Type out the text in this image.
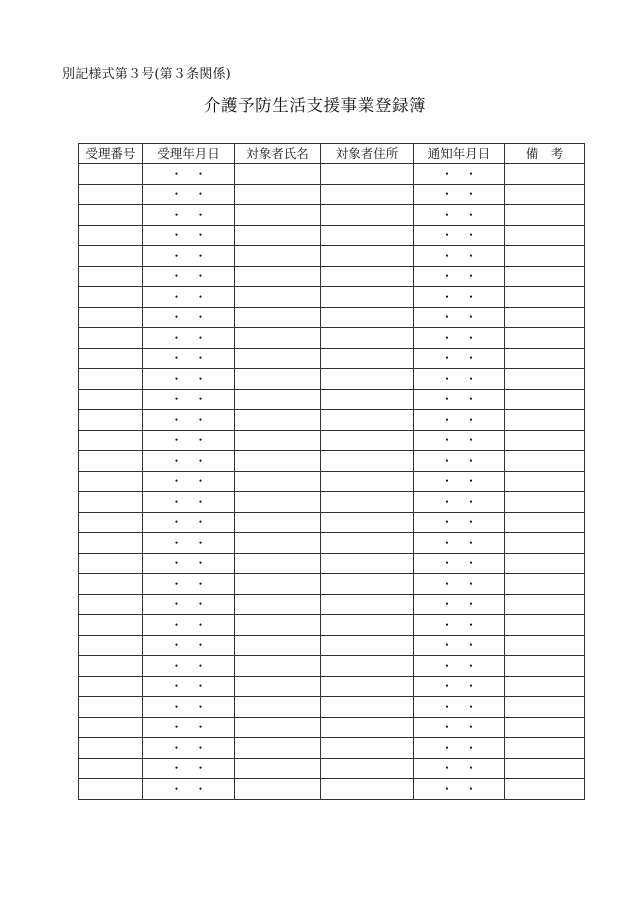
別記様式第３号(第３条関係)
介護予防生活支援事業登録簿
受理番号	受理年月日	対象者氏名	対象者住所	通知年月日	備　考
	・　・			・　・	
	・　・			・　・	
	・　・			・　・	
	・　・			・　・	
	・　・			・　・	
	・　・			・　・	
	・　・			・　・	
	・　・			・　・	
	・　・			・　・	
	・　・			・　・	
	・　・			・　・	
	・　・			・　・	
	・　・			・　・	
	・　・			・　・	
	・　・			・　・	
	・　・			・　・	
	・　・			・　・	
	・　・			・　・	
	・　・			・　・	
	・　・			・　・	
	・　・			・　・	
	・　・			・　・	
	・　・			・　・	
	・　・			・　・	
	・　・			・　・	
	・　・			・　・	
	・　・			・　・	
	・　・			・　・	
	・　・			・　・	
	・　・			・　・	
	・　・			・　・	
